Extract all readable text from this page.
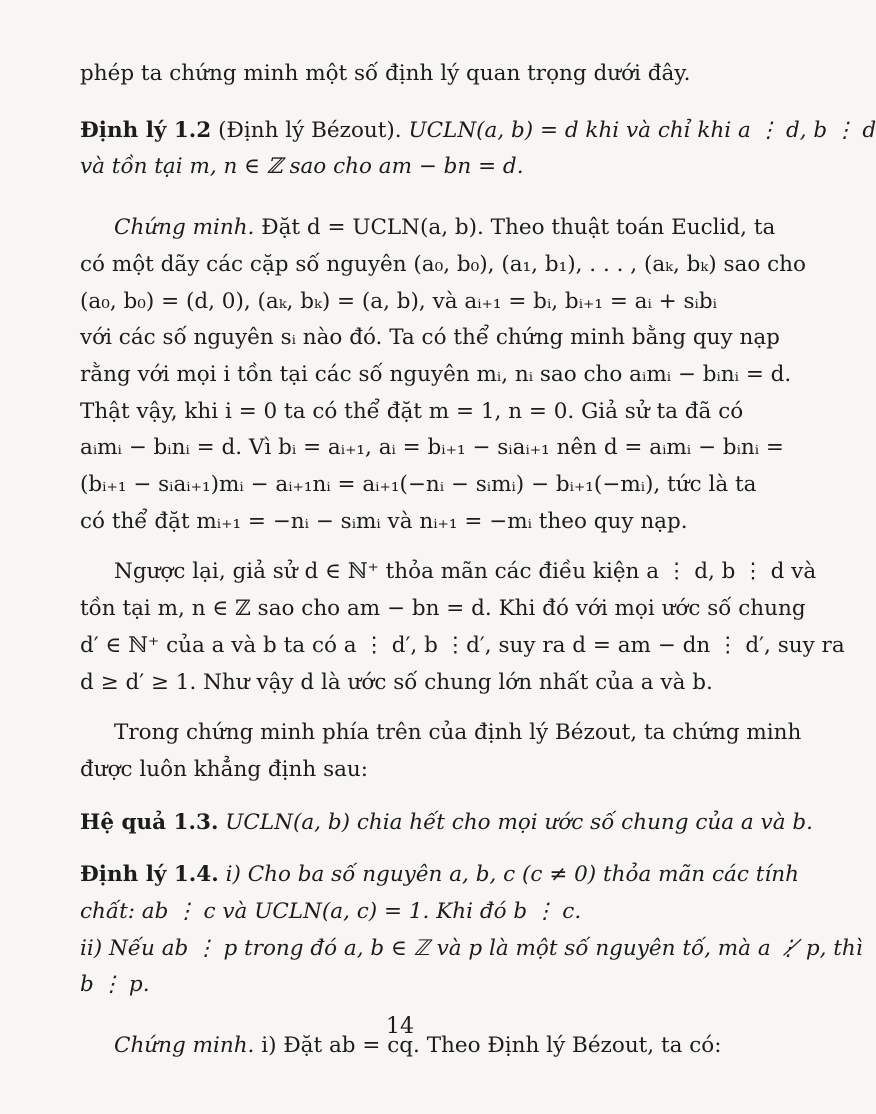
phép ta chứng minh một số định lý quan trọng dưới đây.

Định lý 1.2 (Định lý Bézout). UCLN(a, b) = d khi và chỉ khi a ⋮ d, b ⋮ d

và tồn tại m, n ∈ ℤ sao cho am − bn = d.

Chứng minh. Đặt d = UCLN(a, b). Theo thuật toán Euclid, ta

có một dãy các cặp số nguyên (a₀, b₀), (a₁, b₁), . . . , (aₖ, bₖ) sao cho

(a₀, b₀) = (d, 0), (aₖ, bₖ) = (a, b), và aᵢ₊₁ = bᵢ, bᵢ₊₁ = aᵢ + sᵢbᵢ

với các số nguyên sᵢ nào đó. Ta có thể chứng minh bằng quy nạp

rằng với mọi i tồn tại các số nguyên mᵢ, nᵢ sao cho aᵢmᵢ − bᵢnᵢ = d.

Thật vậy, khi i = 0 ta có thể đặt m = 1, n = 0. Giả sử ta đã có

aᵢmᵢ − bᵢnᵢ = d. Vì bᵢ = aᵢ₊₁, aᵢ = bᵢ₊₁ − sᵢaᵢ₊₁ nên d = aᵢmᵢ − bᵢnᵢ =

(bᵢ₊₁ − sᵢaᵢ₊₁)mᵢ − aᵢ₊₁nᵢ = aᵢ₊₁(−nᵢ − sᵢmᵢ) − bᵢ₊₁(−mᵢ), tức là ta

có thể đặt mᵢ₊₁ = −nᵢ − sᵢmᵢ và nᵢ₊₁ = −mᵢ theo quy nạp.

Ngược lại, giả sử d ∈ ℕ⁺ thỏa mãn các điều kiện a ⋮ d, b ⋮ d và

tồn tại m, n ∈ ℤ sao cho am − bn = d. Khi đó với mọi ước số chung

d′ ∈ ℕ⁺ của a và b ta có a ⋮ d′, b ⋮d′, suy ra d = am − dn ⋮ d′, suy ra

d ≥ d′ ≥ 1. Như vậy d là ước số chung lớn nhất của a và b.

Trong chứng minh phía trên của định lý Bézout, ta chứng minh

được luôn khẳng định sau:

Hệ quả 1.3. UCLN(a, b) chia hết cho mọi ước số chung của a và b.

Định lý 1.4. i) Cho ba số nguyên a, b, c (c ≠ 0) thỏa mãn các tính

chất: ab ⋮ c và UCLN(a, c) = 1. Khi đó b ⋮ c.

ii) Nếu ab ⋮ p trong đó a, b ∈ ℤ và p là một số nguyên tố, mà a ⋮̸ p, thì

b ⋮ p.

Chứng minh. i) Đặt ab = cq. Theo Định lý Bézout, ta có:

14
